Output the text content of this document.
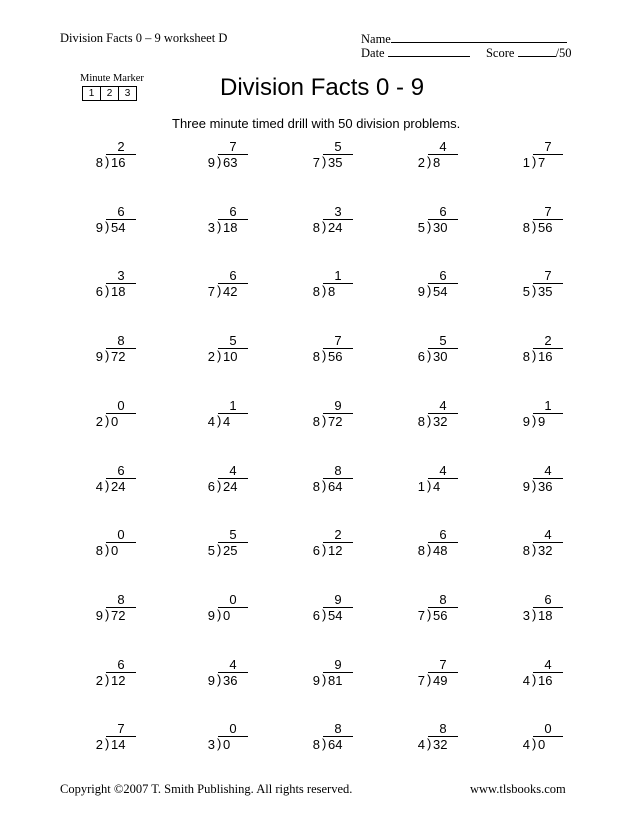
Division Facts 0 – 9 worksheet D	Name
Date	Score	/50
Minute Marker
1	2	3	Division Facts 0 - 9
Three minute timed drill with 50 division problems.
2
8 ) 16
7
9 ) 63
5
7 ) 35
4
2 ) 8
7
1 ) 7
6
9 ) 54
6
3 ) 18
3
8 ) 24
6
5 ) 30
7
8 ) 56
3
6 ) 18
6
7 ) 42
1
8 ) 8
6
9 ) 54
7
5 ) 35
8
9 ) 72
5
2 ) 10
7
8 ) 56
5
6 ) 30
2
8 ) 16
0
2 ) 0
1
4 ) 4
9
8 ) 72
4
8 ) 32
1
9 ) 9
6
4 ) 24
4
6 ) 24
8
8 ) 64
4
1 ) 4
4
9 ) 36
0
8 ) 0
5
5 ) 25
2
6 ) 12
6
8 ) 48
4
8 ) 32
8
9 ) 72
0
9 ) 0
9
6 ) 54
8
7 ) 56
6
3 ) 18
6
2 ) 12
4
9 ) 36
9
9 ) 81
7
7 ) 49
4
4 ) 16
7
2 ) 14
0
3 ) 0
8
8 ) 64
8
4 ) 32
0
4 ) 0
Copyright ©2007 T. Smith Publishing. All rights reserved.	www.tlsbooks.com
